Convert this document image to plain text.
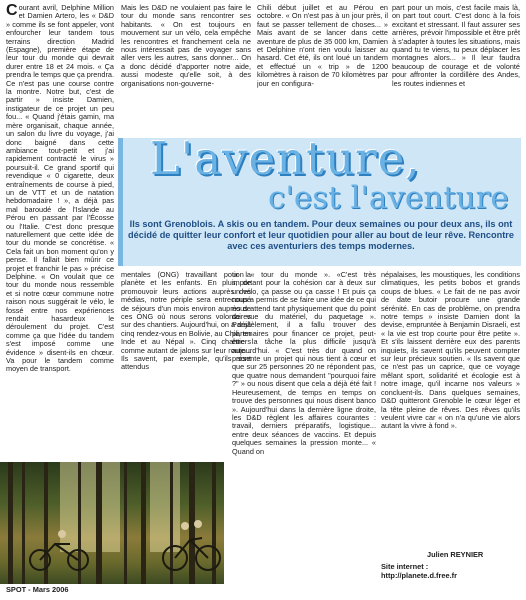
C ourant avril, Delphine Million et Damien Artero, les « D&D » comme ils se font appeler, vont enfourcher leur tandem tous terrains direction Madrid (Espagne), première étape de leur tour du monde qui devrait durer entre 18 et 24 mois. « Ça prendra le temps que ça prendra. Ce n'est pas une course contre la montre. Notre but, c'est de partir » insiste Damien, instigateur de ce projet un peu fou... « Quand j'étais gamin, ma mère organisait, chaque année, un salon du livre du voyage, j'ai donc baigné dans cette ambiance tout-petit et j'ai rapidement contracté le virus » poursuit-il. Ce grand sportif qui revendique « 0 cigarette, deux entraînements de course à pied, un de VTT et un de natation hebdomadaire ! », a déjà pas mal baroudé de l'Islande au Pérou en passant par l'Écosse ou l'Italie. C'est donc presque naturellement que cette idée de tour du monde se concrétise. « Cela fait un bon moment qu'on y pense. Il fallait bien mûrir ce projet et franchir le pas » précise Delphine. « On voulait que ce tour du monde nous ressemble et si notre cœur commune notre raison nous suggérait le vélo, le fossé entre nos expériences rendait hasardeux le déroulement du projet. C'est comme ça que l'idée du tandem s'est imposé comme une évidence » disent-ils en chœur. Va pour le tandem comme moyen de transport.

Mais les D&D ne voulaient pas faire le tour du monde sans rencontrer ses habitants. « On est toujours en mouvement sur un vélo, cela empêche les rencontres et franchement cela ne nous intéressait pas de voyager sans aller vers les autres, sans donner... On a donc décidé d'apporter notre aide, aussi modeste qu'elle soit, à des organisations non-gouverne-

Chili début juillet et au Pérou en octobre. « On n'est pas à un jour près, il faut se passer tellement de choses... » Mais avant de se lancer dans cette aventure de plus de 35 000 km, Damien et Delphine n'ont rien voulu laisser au hasard. Cet été, ils ont loué un tandem et effectué un « trip » de 1200 kilomètres à raison de 70 kilomètres par jour en configura-

part pour un mois, c'est facile mais là, on part tout court. C'est donc à la fois excitant et stressant. Il faut assurer ses arrières, prévoir l'impossible et être prêt à s'adapter à toutes les situations, mais quand tu te viens, tu peux déplacer les montagnes alors... » Il leur faudra beaucoup de courage et de volonté pour affronter la cordillère des Andes, les routes indiennes et

L'aventure,
c'est l'aventure

Ils sont Grenoblois. A skis ou en tandem. Pour deux semaines ou pour deux ans, ils ont décidé de quitter leur confort et leur quotidien pour aller au bout de leur rêve. Rencontre avec ces aventuriers des temps modernes.

mentales (ONG) travaillant pour la planète et les enfants. En plus, de promouvoir leurs actions auprès des médias, notre périple sera entrecoupé de séjours d'un mois environ auprès de ces ONG où nous serons volontaires sur des chantiers. Aujourd'hui, on a déjà cinq rendez-vous en Bolivie, au Chili, en Inde et au Népal ». Cinq chantiers comme autant de jalons sur leur route... Ils savent, par exemple, qu'ils sont attendus

tion « tour du monde ». «C'est très important pour la cohésion car à deux sur un vélo, ça passe ou ça casse ! Et puis ça nous a permis de se faire une idée de ce qui nous attend tant physiquement que du point de vue du matériel, du paquetage ». Parallèlement, il a fallu trouver des partenaires pour financer ce projet, peut-être la tâche la plus difficile jusqu'à aujourd'hui. « C'est très dur quand on présente un projet qui nous tient à cœur et que sur 25 personnes 20 ne répondent pas, que quatre nous demandent "pourquoi faire ?" » ou nous disent que cela a déjà été fait ! Heureusement, de temps en temps on trouve des personnes qui nous disent banco ». Aujourd'hui dans la dernière ligne droite, les D&D règlent les affaires courantes : travail, derniers préparatifs, logistique... entre deux séances de vaccins. Et depuis quelques semaines la pression monte... « Quand on

népalaises, les moustiques, les conditions climatiques, les petits bobos et grands coups de blues. « Le fait de ne pas avoir de date butoir procure une grande sérénité. En cas de problème, on prendra notre temps » insiste Damien dont la devise, empruntée à Benjamin Disraeli, est « la vie est trop courte pour être petite ». Et s'ils laissent derrière eux des parents inquiets, ils savent qu'ils peuvent compter sur leur précieux soutien. « Ils savent que ce n'est pas un caprice, que ce voyage mêlant sport, solidarité et écologie est à notre image, qu'il incarne nos valeurs » concluent-ils. Dans quelques semaines, D&D quitteront Grenoble le cœur léger et la tête pleine de rêves. Des rêves qu'ils veulent vivre car « on n'a qu'une vie alors autant la vivre à fond ».

Julien REYNIER

Site internet :

http://planete.d.free.fr

SPOT - Mars 2006
